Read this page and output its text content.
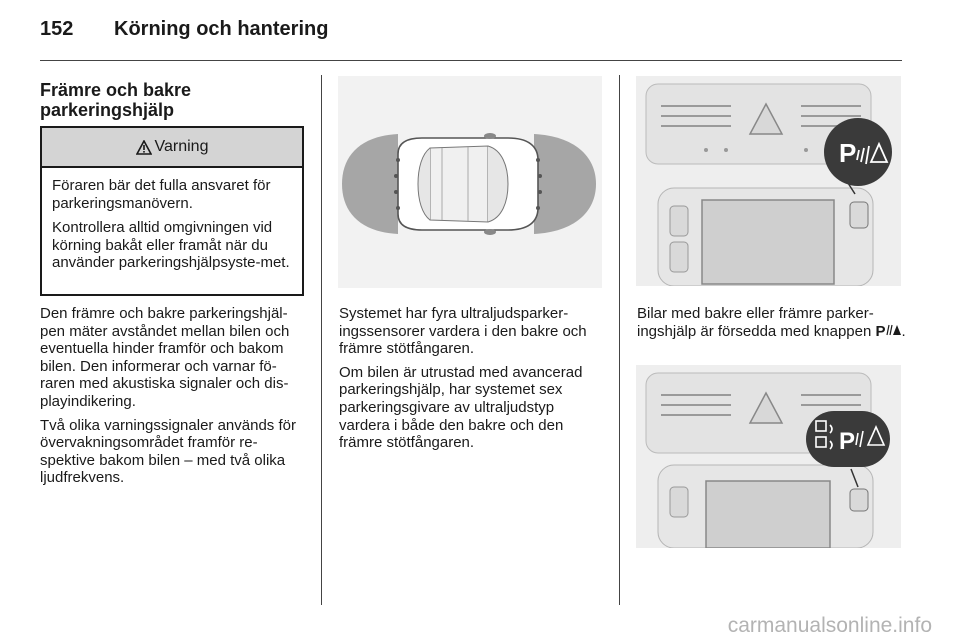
152 Körning och hantering
Främre och bakre parkeringshjälp
Varning

Föraren bär det fulla ansvaret för parkeringsmanövern.

Kontrollera alltid omgivningen vid körning bakåt eller framåt när du använder parkeringshjälpsyste-met.

Den främre och bakre parkeringshjäl-pen mäter avståndet mellan bilen och eventuella hinder framför och bakom bilen. Den informerar och varnar fö-raren med akustiska signaler och dis-playindikering.

Två olika varningssignaler används för övervakningsområdet framför re-spektive bakom bilen – med två olika ljudfrekvens.

Systemet har fyra ultraljudsparker-ingssensorer vardera i den bakre och främre stötfångaren.

Om bilen är utrustad med avancerad parkeringshjälp, har systemet sex parkeringsgivare av ultraljudstyp vardera i både den bakre och den främre stötfångaren.

P

Bilar med bakre eller främre parker-ingshjälp är försedda med knappen P .

P
carmanualsonline.info
